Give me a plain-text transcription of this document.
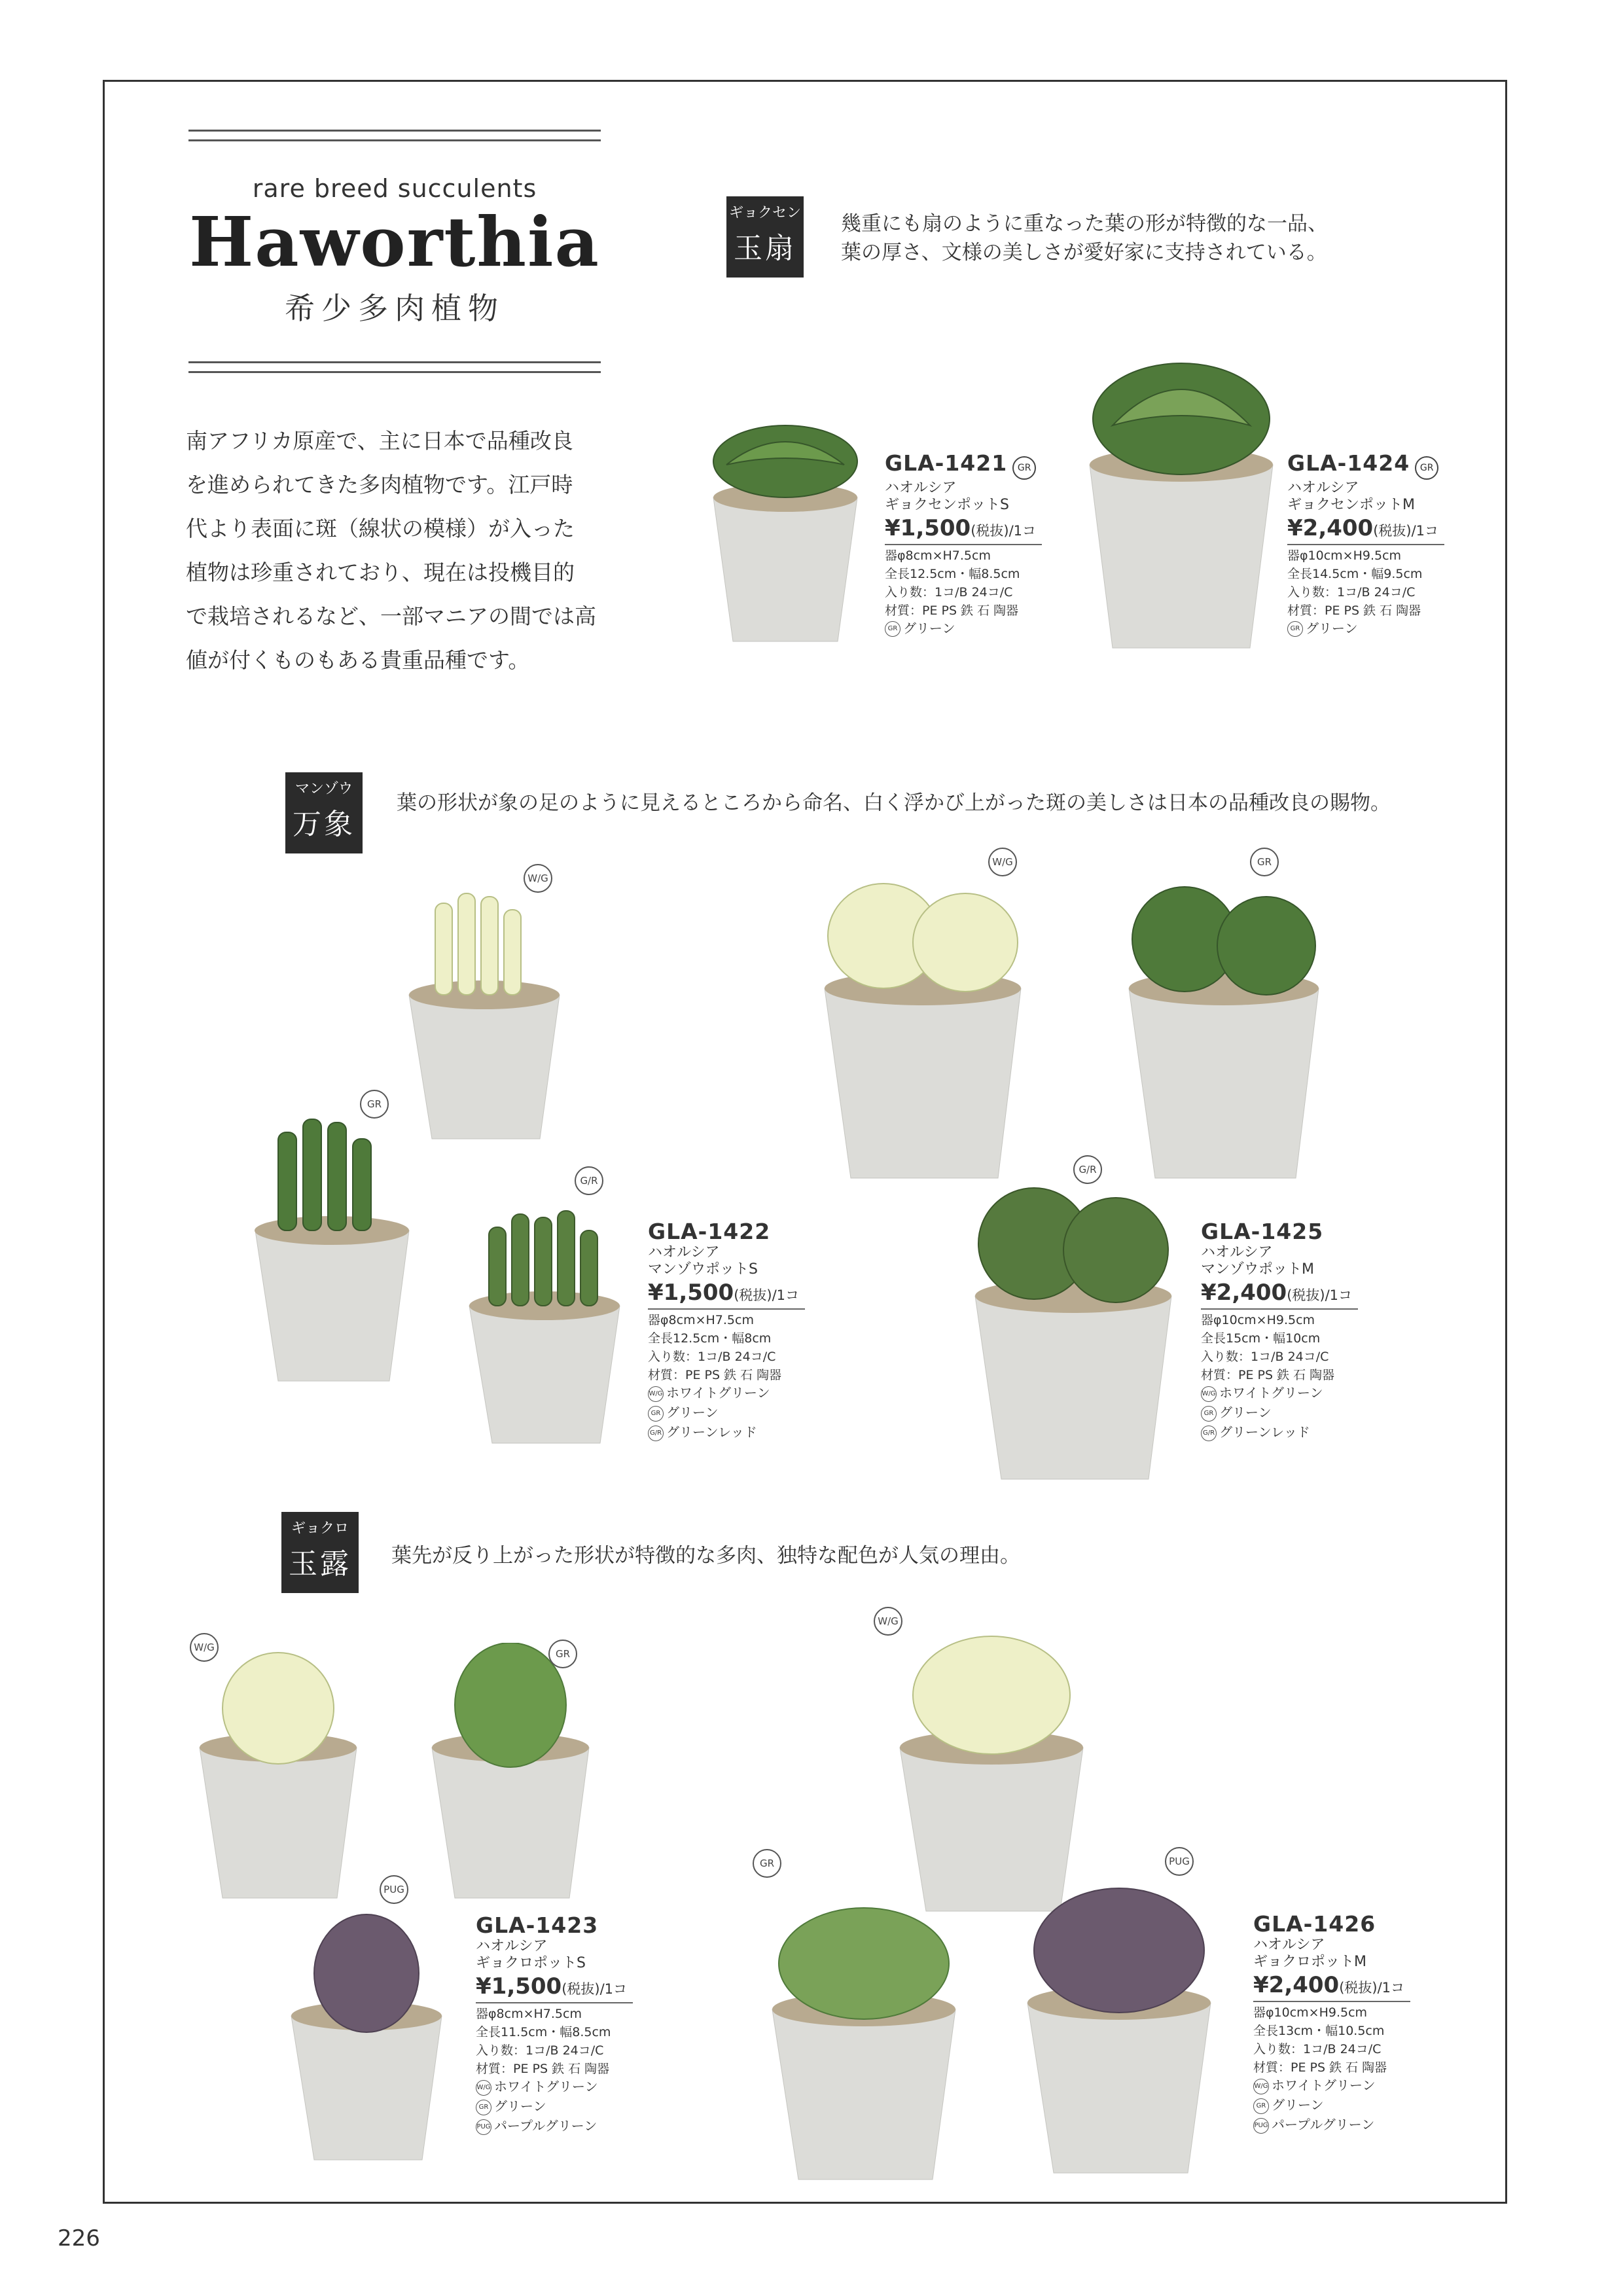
rare breed succulents
Haworthia
希少多肉植物
南アフリカ原産で、主に日本で品種改良
を進められてきた多肉植物です。江戸時
代より表面に斑（線状の模様）が入った
植物は珍重されており、現在は投機目的
で栽培されるなど、一部マニアの間では高
値が付くものもある貴重品種です。
ギョクセン
玉扇
幾重にも扇のように重なった葉の形が特徴的な一品、
葉の厚さ、文様の美しさが愛好家に支持されている。
マンゾウ
万象
葉の形状が象の足のように見えるところから命名、白く浮かび上がった斑の美しさは日本の品種改良の賜物。
ギョクロ
玉露	葉先が反り上がった形状が特徴的な多肉、独特な配色が人気の理由。
W/G
GR
G/R
W/G	GR
G/R
W/G
GR
PUG
W/G
GR	PUG
GLA-1421 GR
ハオルシア
ギョクセンポットS
¥1,500(税抜)/1コ
器φ8cm×H7.5cm
全長12.5cm・幅8.5cm
入り数：1コ/B 24コ/C
材質：PE PS 鉄 石 陶器
GR グリーン
GLA-1424 GR
ハオルシア
ギョクセンポットM
¥2,400(税抜)/1コ
器φ10cm×H9.5cm
全長14.5cm・幅9.5cm
入り数：1コ/B 24コ/C
材質：PE PS 鉄 石 陶器
GR グリーン
GLA-1422
ハオルシア
マンゾウポットS
¥1,500(税抜)/1コ
器φ8cm×H7.5cm
全長12.5cm・幅8cm
入り数：1コ/B 24コ/C
材質：PE PS 鉄 石 陶器
W/G ホワイトグリーン
GR グリーン
G/R グリーンレッド
GLA-1425
ハオルシア
マンゾウポットM
¥2,400(税抜)/1コ
器φ10cm×H9.5cm
全長15cm・幅10cm
入り数：1コ/B 24コ/C
材質：PE PS 鉄 石 陶器
W/G ホワイトグリーン
GR グリーン
G/R グリーンレッド
GLA-1423
ハオルシア
ギョクロポットS
¥1,500(税抜)/1コ
器φ8cm×H7.5cm
全長11.5cm・幅8.5cm
入り数：1コ/B 24コ/C
材質：PE PS 鉄 石 陶器
W/G ホワイトグリーン
GR グリーン
PUG パープルグリーン
GLA-1426
ハオルシア
ギョクロポットM
¥2,400(税抜)/1コ
器φ10cm×H9.5cm
全長13cm・幅10.5cm
入り数：1コ/B 24コ/C
材質：PE PS 鉄 石 陶器
W/G ホワイトグリーン
GR グリーン
PUG パープルグリーン
226
